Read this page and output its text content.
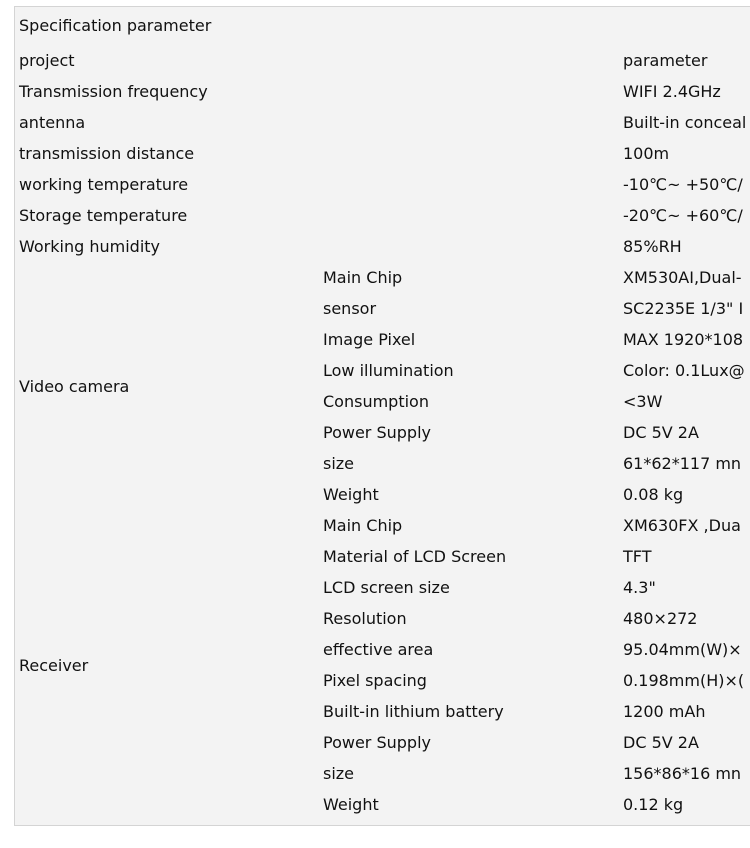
Specification parameter
project		parameter
Transmission frequency		WIFI 2.4GHz
antenna		Built-in conceal
transmission distance		100m
working temperature		-10℃~ +50℃/
Storage temperature		-20℃~ +60℃/
Working humidity		85%RH
Video camera	Main Chip	XM530AI,Dual-
	sensor	SC2235E 1/3" I
	Image Pixel	MAX 1920*108
	Low illumination	Color: 0.1Lux@
	Consumption	<3W
	Power Supply	DC 5V 2A
	size	61*62*117 mn
	Weight	0.08 kg
Receiver	Main Chip	XM630FX ,Dua
	Material of LCD Screen	TFT
	LCD screen size	4.3"
	Resolution	480×272
	effective area	95.04mm(W)×
	Pixel spacing	0.198mm(H)×(
	Built-in lithium battery	1200 mAh
	Power Supply	DC 5V 2A
	size	156*86*16 mn
	Weight	0.12 kg
